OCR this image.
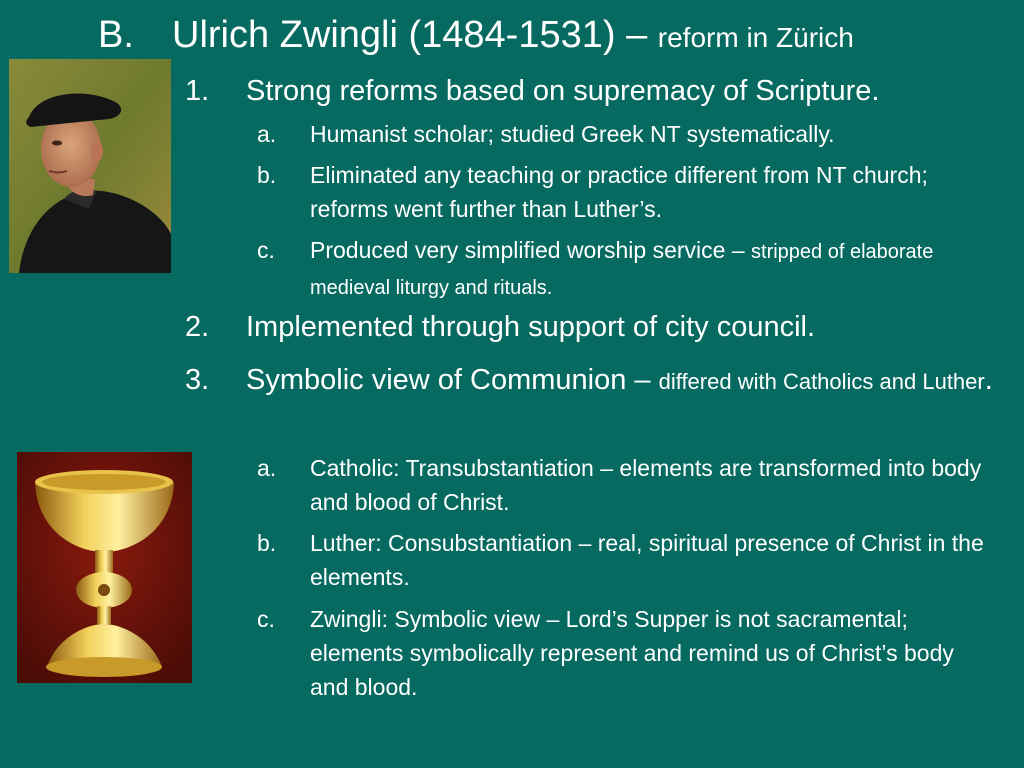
B. Ulrich Zwingli (1484-1531) – reform in Zürich
1. Strong reforms based on supremacy of Scripture.
a. Humanist scholar; studied Greek NT systematically.
b. Eliminated any teaching or practice different from NT church; reforms went further than Luther’s.
c. Produced very simplified worship service – stripped of elaborate medieval liturgy and rituals.
2. Implemented through support of city council.
3. Symbolic view of Communion – differed with Catholics and Luther.
a. Catholic: Transubstantiation – elements are transformed into body and blood of Christ.
b. Luther: Consubstantiation – real, spiritual presence of Christ in the elements.
c. Zwingli: Symbolic view – Lord’s Supper is not sacramental; elements symbolically represent and remind us of Christ’s body and blood.
